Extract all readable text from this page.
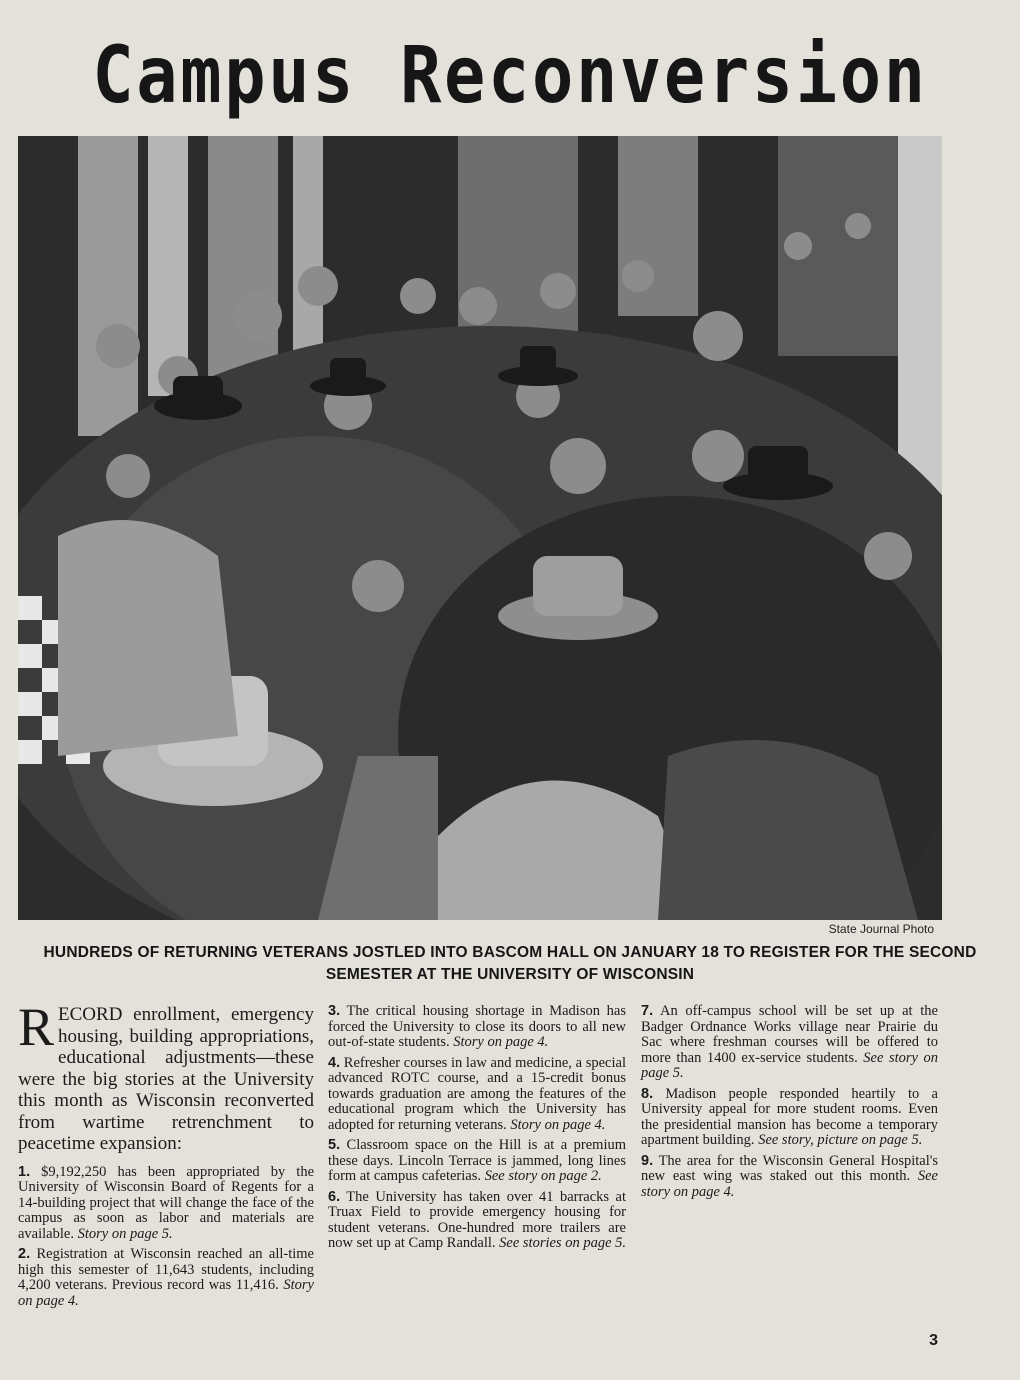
Campus Reconversion
State Journal Photo
HUNDREDS OF RETURNING VETERANS JOSTLED INTO BASCOM HALL ON JANUARY 18 TO REGISTER FOR THE SECOND SEMESTER AT THE UNIVERSITY OF WISCONSIN

RECORD enrollment, emergency housing, building appropriations, educational adjustments—these were the big stories at the University this month as Wisconsin reconverted from wartime retrenchment to peacetime expansion:

1. $9,192,250 has been appropriated by the University of Wisconsin Board of Regents for a 14-building project that will change the face of the campus as soon as labor and materials are available. Story on page 5.

2. Registration at Wisconsin reached an all-time high this semester of 11,643 students, including 4,200 veterans. Previous record was 11,416. Story on page 4.

3. The critical housing shortage in Madison has forced the University to close its doors to all new out-of-state students. Story on page 4.

4. Refresher courses in law and medicine, a special advanced ROTC course, and a 15-credit bonus towards graduation are among the features of the educational program which the University has adopted for returning veterans. Story on page 4.

5. Classroom space on the Hill is at a premium these days. Lincoln Terrace is jammed, long lines form at campus cafeterias. See story on page 2.

6. The University has taken over 41 barracks at Truax Field to provide emergency housing for student veterans. One-hundred more trailers are now set up at Camp Randall. See stories on page 5.

7. An off-campus school will be set up at the Badger Ordnance Works village near Prairie du Sac where freshman courses will be offered to more than 1400 ex-service students. See story on page 5.

8. Madison people responded heartily to a University appeal for more student rooms. Even the presidential mansion has become a temporary apartment building. See story, picture on page 5.

9. The area for the Wisconsin General Hospital's new east wing was staked out this month. See story on page 4.

3
